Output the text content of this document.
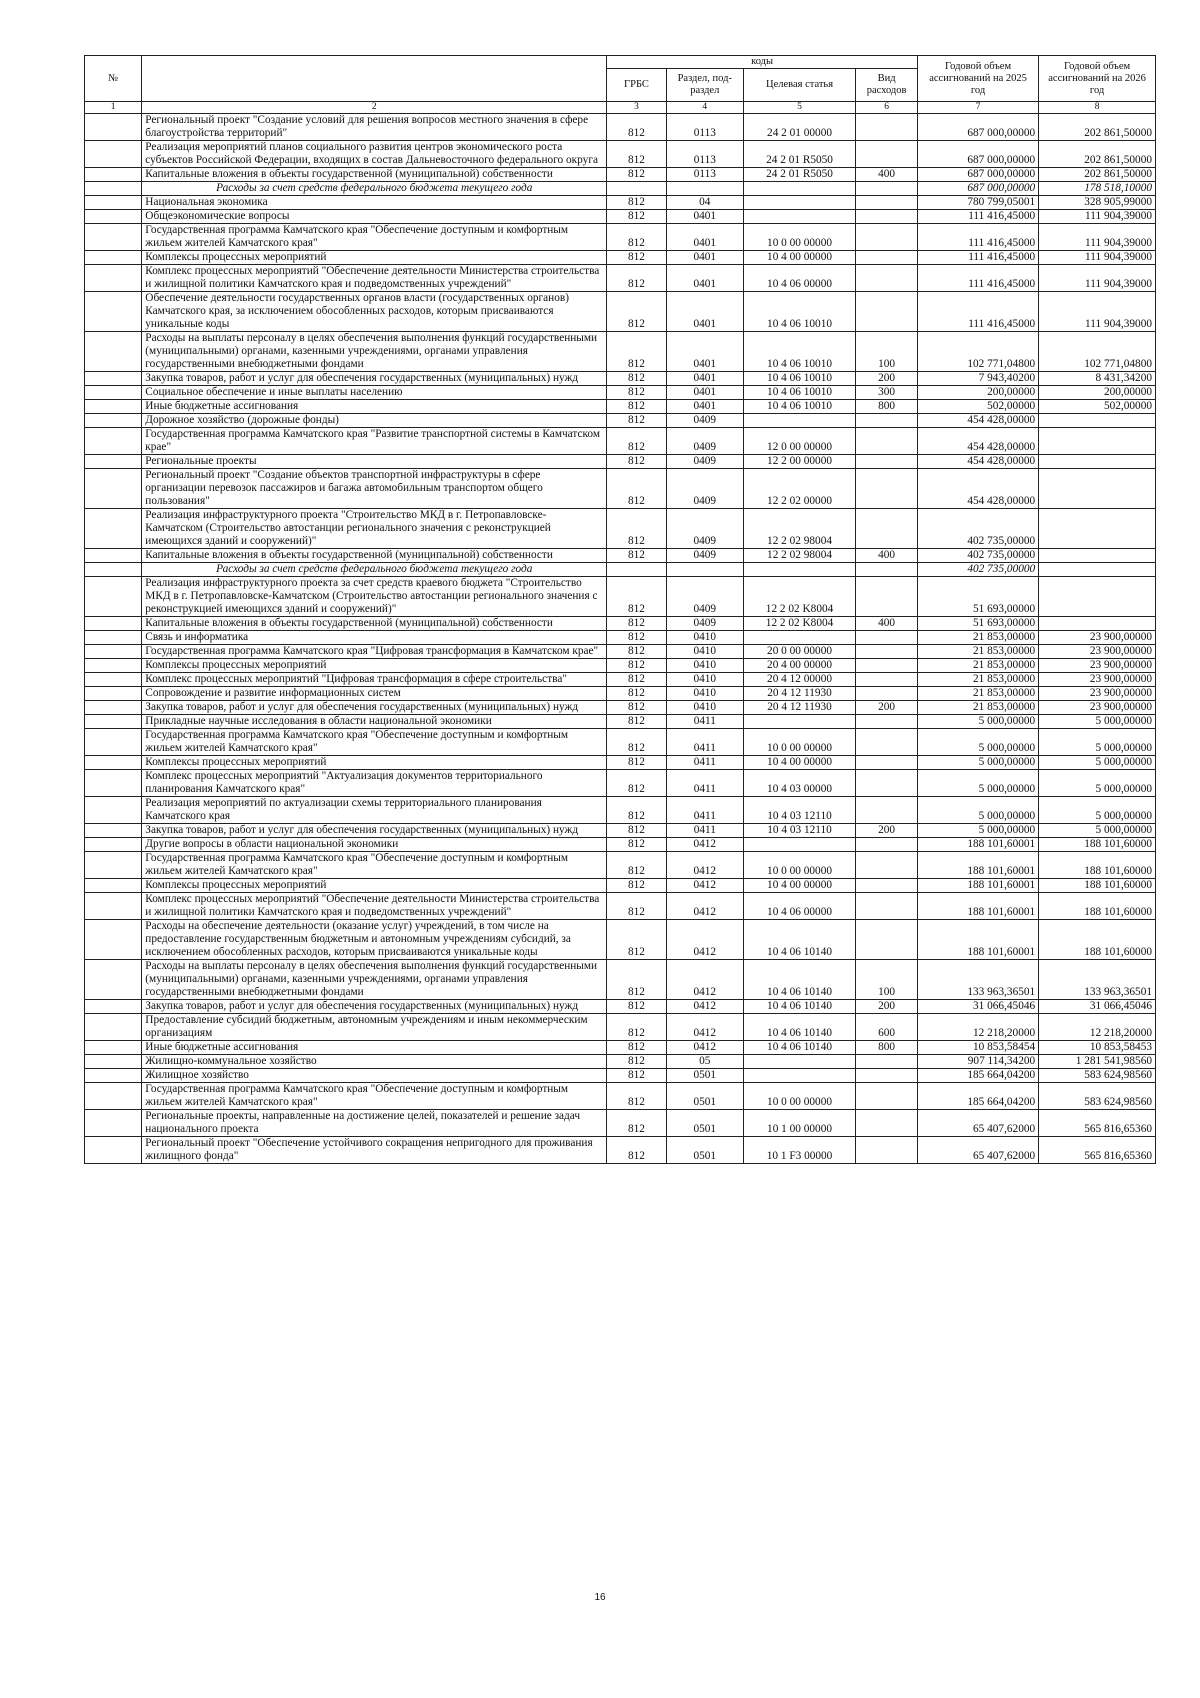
№		коды				Годовой объем ассигнований на 2025 год	Годовой объем ассигнований на 2026 год
		ГРБС	Раздел, под-раздел	Целевая статья	Вид расходов		
1	2	3	4	5	6	7	8
	Региональный проект "Создание условий для решения вопросов местного значения в сфере благоустройства территорий"	812	0113	24 2 01 00000		687 000,00000	202 861,50000
	Реализация мероприятий планов социального развития центров экономического роста субъектов Российской Федерации, входящих в состав Дальневосточного федерального округа	812	0113	24 2 01 R5050		687 000,00000	202 861,50000
	Капитальные вложения в объекты государственной (муниципальной) собственности	812	0113	24 2 01 R5050	400	687 000,00000	202 861,50000
	Расходы за счет средств федерального бюджета текущего года					687 000,00000	178 518,10000
	Национальная экономика	812	04			780 799,05001	328 905,99000
	Общеэкономические вопросы	812	0401			111 416,45000	111 904,39000
	Государственная программа Камчатского края "Обеспечение доступным и комфортным жильем жителей Камчатского края"	812	0401	10 0 00 00000		111 416,45000	111 904,39000
	Комплексы процессных мероприятий	812	0401	10 4 00 00000		111 416,45000	111 904,39000
	Комплекс процессных мероприятий "Обеспечение деятельности Министерства строительства и жилищной политики Камчатского края и подведомственных учреждений"	812	0401	10 4 06 00000		111 416,45000	111 904,39000
	Обеспечение деятельности государственных органов власти (государственных органов) Камчатского края, за исключением обособленных расходов, которым присваиваются уникальные коды	812	0401	10 4 06 10010		111 416,45000	111 904,39000
	Расходы на выплаты персоналу в целях обеспечения выполнения функций государственными (муниципальными) органами, казенными учреждениями, органами управления государственными внебюджетными фондами	812	0401	10 4 06 10010	100	102 771,04800	102 771,04800
	Закупка товаров, работ и услуг для обеспечения государственных (муниципальных) нужд	812	0401	10 4 06 10010	200	7 943,40200	8 431,34200
	Социальное обеспечение и иные выплаты населению	812	0401	10 4 06 10010	300	200,00000	200,00000
	Иные бюджетные ассигнования	812	0401	10 4 06 10010	800	502,00000	502,00000
	Дорожное хозяйство (дорожные фонды)	812	0409			454 428,00000	
	Государственная программа Камчатского края "Развитие транспортной системы в Камчатском крае"	812	0409	12 0 00 00000		454 428,00000	
	Региональные проекты	812	0409	12 2 00 00000		454 428,00000	
	Региональный проект "Создание объектов транспортной инфраструктуры в сфере организации перевозок пассажиров и багажа автомобильным транспортом общего пользования"	812	0409	12 2 02 00000		454 428,00000	
	Реализация инфраструктурного проекта "Строительство МКД в г. Петропавловске-Камчатском (Строительство автостанции регионального значения с реконструкцией имеющихся зданий и сооружений)"	812	0409	12 2 02 98004		402 735,00000	
	Капитальные вложения в объекты государственной (муниципальной) собственности	812	0409	12 2 02 98004	400	402 735,00000	
	Расходы за счет средств федерального бюджета текущего года					402 735,00000	
	Реализация инфраструктурного проекта за счет средств краевого бюджета "Строительство МКД в г. Петропавловске-Камчатском (Строительство автостанции регионального значения с реконструкцией имеющихся зданий и сооружений)"	812	0409	12 2 02 K8004		51 693,00000	
	Капитальные вложения в объекты государственной (муниципальной) собственности	812	0409	12 2 02 K8004	400	51 693,00000	
	Связь и информатика	812	0410			21 853,00000	23 900,00000
	Государственная программа Камчатского края "Цифровая трансформация в Камчатском крае"	812	0410	20 0 00 00000		21 853,00000	23 900,00000
	Комплексы процессных мероприятий	812	0410	20 4 00 00000		21 853,00000	23 900,00000
	Комплекс процессных мероприятий "Цифровая трансформация в сфере строительства"	812	0410	20 4 12 00000		21 853,00000	23 900,00000
	Сопровождение и развитие информационных систем	812	0410	20 4 12 11930		21 853,00000	23 900,00000
	Закупка товаров, работ и услуг для обеспечения государственных (муниципальных) нужд	812	0410	20 4 12 11930	200	21 853,00000	23 900,00000
	Прикладные научные исследования в области национальной экономики	812	0411			5 000,00000	5 000,00000
	Государственная программа Камчатского края "Обеспечение доступным и комфортным жильем жителей Камчатского края"	812	0411	10 0 00 00000		5 000,00000	5 000,00000
	Комплексы процессных мероприятий	812	0411	10 4 00 00000		5 000,00000	5 000,00000
	Комплекс процессных мероприятий "Актуализация документов территориального планирования Камчатского края"	812	0411	10 4 03 00000		5 000,00000	5 000,00000
	Реализация мероприятий по актуализации схемы территориального планирования Камчатского края	812	0411	10 4 03 12110		5 000,00000	5 000,00000
	Закупка товаров, работ и услуг для обеспечения государственных (муниципальных) нужд	812	0411	10 4 03 12110	200	5 000,00000	5 000,00000
	Другие вопросы в области национальной экономики	812	0412			188 101,60001	188 101,60000
	Государственная программа Камчатского края "Обеспечение доступным и комфортным жильем жителей Камчатского края"	812	0412	10 0 00 00000		188 101,60001	188 101,60000
	Комплексы процессных мероприятий	812	0412	10 4 00 00000		188 101,60001	188 101,60000
	Комплекс процессных мероприятий "Обеспечение деятельности Министерства строительства и жилищной политики Камчатского края и подведомственных учреждений"	812	0412	10 4 06 00000		188 101,60001	188 101,60000
	Расходы на обеспечение деятельности (оказание услуг) учреждений, в том числе на предоставление государственным бюджетным и автономным учреждениям субсидий, за исключением обособленных расходов, которым присваиваются уникальные коды	812	0412	10 4 06 10140		188 101,60001	188 101,60000
	Расходы на выплаты персоналу в целях обеспечения выполнения функций государственными (муниципальными) органами, казенными учреждениями, органами управления государственными внебюджетными фондами	812	0412	10 4 06 10140	100	133 963,36501	133 963,36501
	Закупка товаров, работ и услуг для обеспечения государственных (муниципальных) нужд	812	0412	10 4 06 10140	200	31 066,45046	31 066,45046
	Предоставление субсидий бюджетным, автономным учреждениям и иным некоммерческим организациям	812	0412	10 4 06 10140	600	12 218,20000	12 218,20000
	Иные бюджетные ассигнования	812	0412	10 4 06 10140	800	10 853,58454	10 853,58453
	Жилищно-коммунальное хозяйство	812	05			907 114,34200	1 281 541,98560
	Жилищное хозяйство	812	0501			185 664,04200	583 624,98560
	Государственная программа Камчатского края "Обеспечение доступным и комфортным жильем жителей Камчатского края"	812	0501	10 0 00 00000		185 664,04200	583 624,98560
	Региональные проекты, направленные на достижение целей, показателей и решение задач национального проекта	812	0501	10 1 00 00000		65 407,62000	565 816,65360
	Региональный проект "Обеспечение устойчивого сокращения непригодного для проживания жилищного фонда"	812	0501	10 1 F3 00000		65 407,62000	565 816,65360
16
